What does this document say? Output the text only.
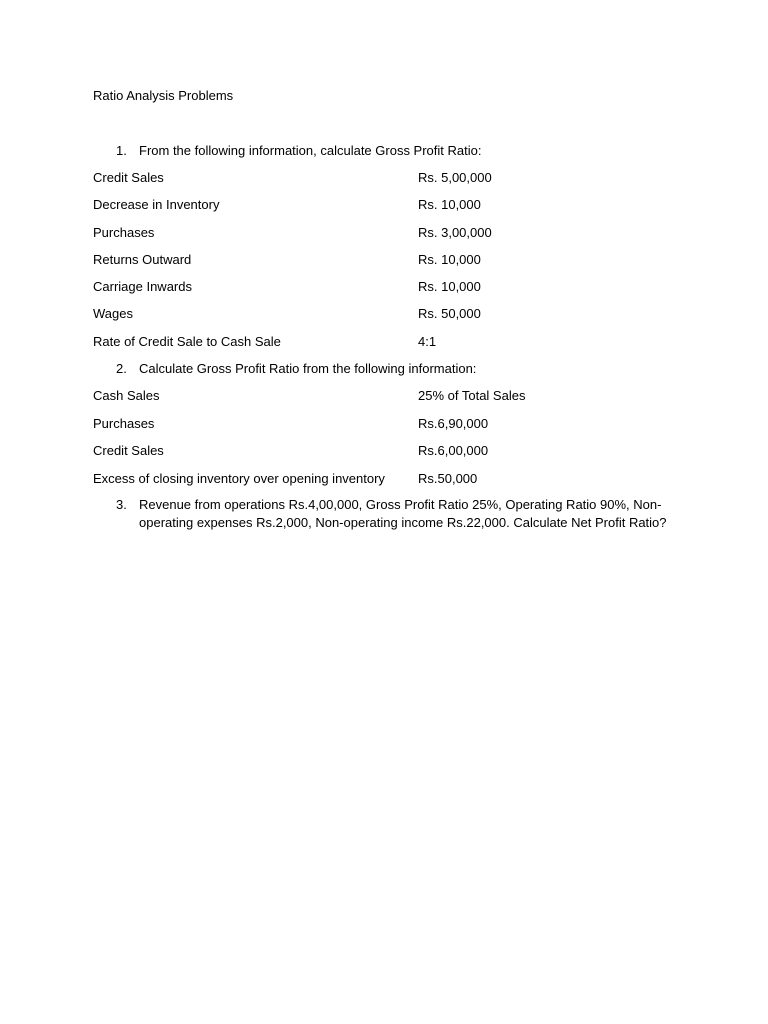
Ratio Analysis Problems
1. From the following information, calculate Gross Profit Ratio:
Credit Sales	Rs. 5,00,000
Decrease in Inventory	Rs. 10,000
Purchases	Rs. 3,00,000
Returns Outward	Rs. 10,000
Carriage Inwards	Rs. 10,000
Wages	Rs. 50,000
Rate of Credit Sale to Cash Sale	4:1
2. Calculate Gross Profit Ratio from the following information:
Cash Sales	25% of Total Sales
Purchases	Rs.6,90,000
Credit Sales	Rs.6,00,000
Excess of closing inventory over opening inventory	Rs.50,000
3. Revenue from operations Rs.4,00,000, Gross Profit Ratio 25%, Operating Ratio 90%, Non-operating expenses Rs.2,000, Non-operating income Rs.22,000. Calculate Net Profit Ratio?
